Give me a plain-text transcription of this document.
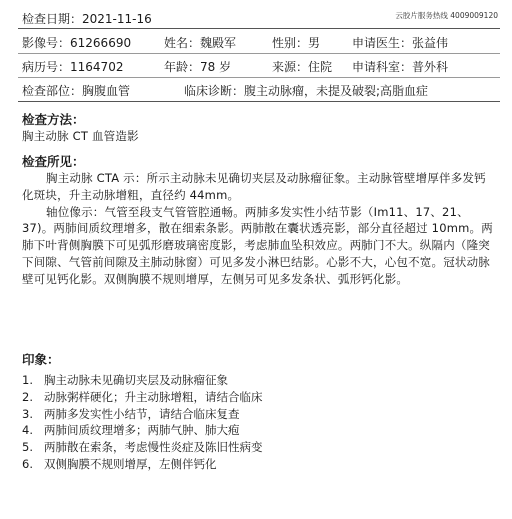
检查日期：2021-11-16	云胶片服务热线 4009009120
影像号：61266690	姓名：魏殿军	性别：男	申请医生：张益伟
病历号：1164702	年龄：78 岁	来源：住院 申请科室：普外科
检查部位：胸腹血管	临床诊断：腹主动脉瘤，未提及破裂;高脂血症
检查方法：
胸主动脉 CT 血管造影
检查所见：

胸主动脉 CTA 示：所示主动脉未见确切夹层及动脉瘤征象。主动脉管壁增厚伴多发钙化斑块，升主动脉增粗，直径约 44mm。

轴位像示：气管至段支气管管腔通畅。两肺多发实性小结节影（Im11、17、21、37)。两肺间质纹理增多，散在细索条影。两肺散在囊状透亮影，部分直径超过 10mm。两肺下叶背侧胸膜下可见弧形磨玻璃密度影，考虑肺血坠积效应。两肺门不大。纵隔内（隆突下间隙、气管前间隙及主肺动脉窗）可见多发小淋巴结影。心影不大，心包不宽。冠状动脉壁可见钙化影。双侧胸膜不规则增厚，左侧另可见多发条状、弧形钙化影。

印象：
1. 胸主动脉未见确切夹层及动脉瘤征象
2. 动脉粥样硬化；升主动脉增粗，请结合临床
3. 两肺多发实性小结节，请结合临床复查
4. 两肺间质纹理增多；两肺气肿、肺大疱
5. 两肺散在索条，考虑慢性炎症及陈旧性病变
6. 双侧胸膜不规则增厚，左侧伴钙化
